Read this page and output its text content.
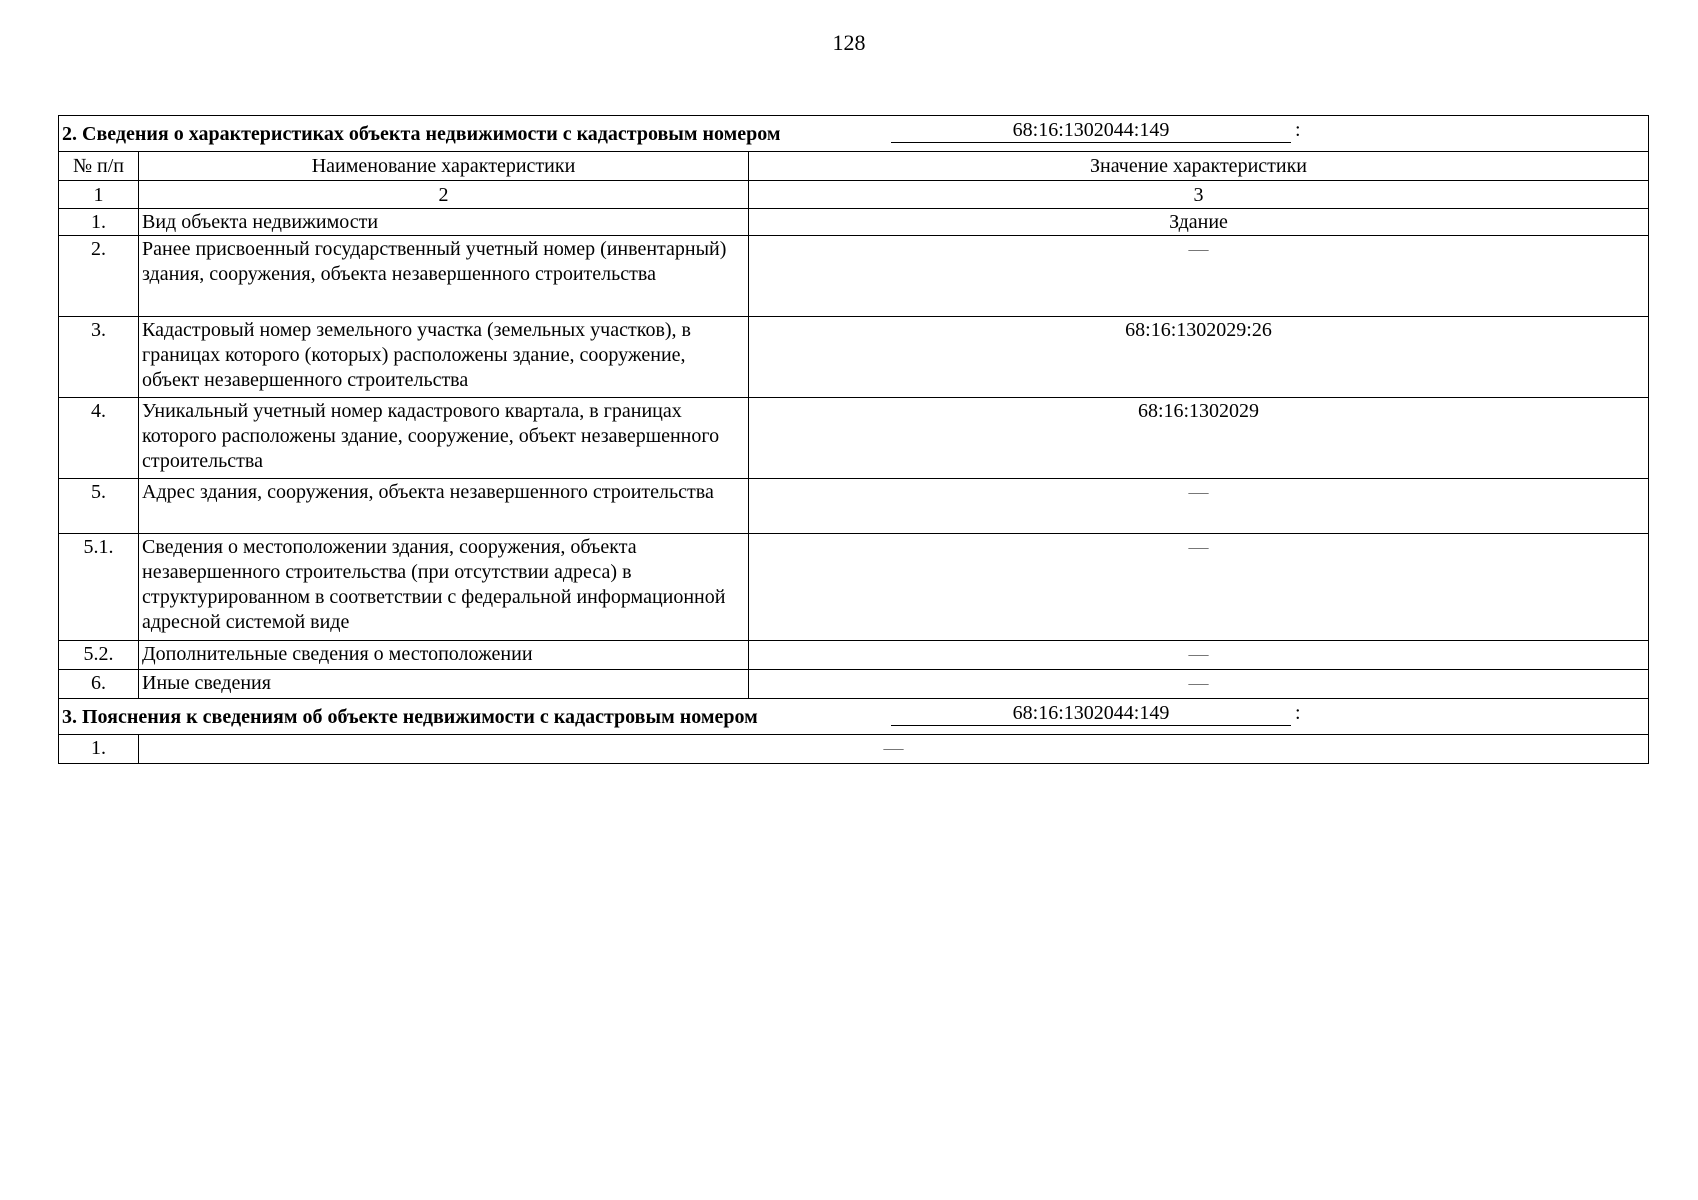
128
2. Сведения о характеристиках объекта недвижимости с кадастровым номером 68:16:1302044:149 :		

№ п/п	Наименование характеристики	Значение характеристики
1	2	3
1.	Вид объекта недвижимости	Здание
2.	Ранее присвоенный государственный учетный номер (инвентарный) здания, сооружения, объекта незавершенного строительства	—
3.	Кадастровый номер земельного участка (земельных участков), в границах которого (которых) расположены здание, сооружение, объект незавершенного строительства	68:16:1302029:26
4.	Уникальный учетный номер кадастрового квартала, в границах которого расположены здание, сооружение, объект незавершенного строительства	68:16:1302029
5.	Адрес здания, сооружения, объекта незавершенного строительства	—
5.1.	Сведения о местоположении здания, сооружения, объекта незавершенного строительства (при отсутствии адреса) в структурированном в соответствии с федеральной информационной адресной системой виде	—
5.2.	Дополнительные сведения о местоположении	—
6.	Иные сведения	—

3. Пояснения к сведениям об объекте недвижимости с кадастровым номером 68:16:1302044:149 :		

1.	—	
